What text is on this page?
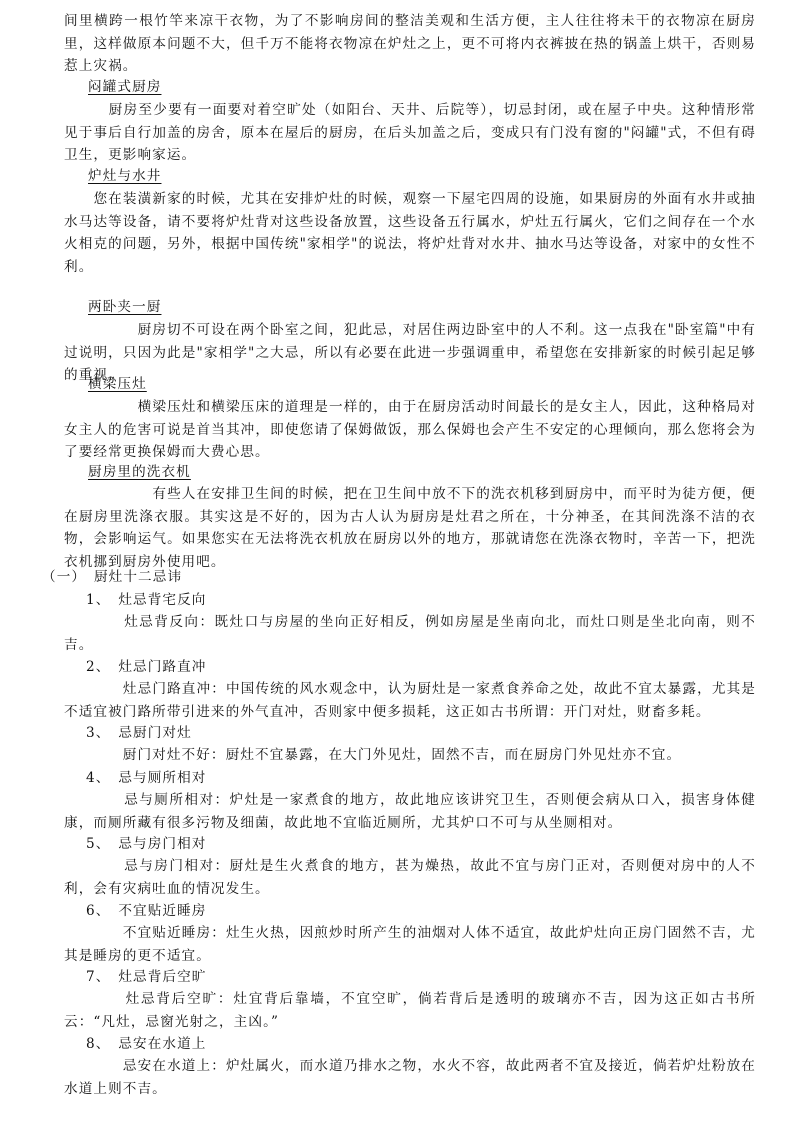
间里横跨一根竹竿来凉干衣物，为了不影响房间的整洁美观和生活方便，主人往往将未干的衣物凉在厨房里，这样做原本问题不大，但千万不能将衣物凉在炉灶之上，更不可将内衣裤披在热的锅盖上烘干，否则易惹上灾祸。

闷罐式厨房

　　　厨房至少要有一面要对着空旷处（如阳台、天井、后院等），切忌封闭，或在屋子中央。这种情形常见于事后自行加盖的房舍，原本在屋后的厨房，在后头加盖之后，变成只有门没有窗的"闷罐"式，不但有碍卫生，更影响家运。

炉灶与水井

　　您在装潢新家的时候，尤其在安排炉灶的时候，观察一下屋宅四周的设施，如果厨房的外面有水井或抽水马达等设备，请不要将炉灶背对这些设备放置，这些设备五行属水，炉灶五行属火，它们之间存在一个水火相克的问题，另外，根据中国传统"家相学"的说法，将炉灶背对水井、抽水马达等设备，对家中的女性不利。

两卧夹一厨

　　　　　厨房切不可设在两个卧室之间，犯此忌，对居住两边卧室中的人不利。这一点我在"卧室篇"中有过说明，只因为此是"家相学"之大忌，所以有必要在此进一步强调重申，希望您在安排新家的时候引起足够的重视。

横梁压灶

　　　　　横梁压灶和横梁压床的道理是一样的，由于在厨房活动时间最长的是女主人，因此，这种格局对女主人的危害可说是首当其冲，即使您请了保姆做饭，那么保姆也会产生不安定的心理倾向，那么您将会为了要经常更换保姆而大费心思。

厨房里的洗衣机

　　　　　　有些人在安排卫生间的时候，把在卫生间中放不下的洗衣机移到厨房中，而平时为徒方便，便在厨房里洗涤衣服。其实这是不好的，因为古人认为厨房是灶君之所在，十分神圣，在其间洗涤不洁的衣物，会影响运气。如果您实在无法将洗衣机放在厨房以外的地方，那就请您在洗涤衣物时，辛苦一下，把洗衣机挪到厨房外使用吧。

（一）　厨灶十二忌讳

1、　灶忌背宅反向

　　　　灶忌背反向：既灶口与房屋的坐向正好相反，例如房屋是坐南向北，而灶口则是坐北向南，则不吉。

2、　灶忌门路直冲

　　　　灶忌门路直冲：中国传统的风水观念中，认为厨灶是一家煮食养命之处，故此不宜太暴露，尤其是不适宜被门路所带引进来的外气直冲，否则家中便多损耗，这正如古书所谓：开门对灶，财畜多耗。

3、　忌厨门对灶

　　　　厨门对灶不好：厨灶不宜暴露，在大门外见灶，固然不吉，而在厨房门外见灶亦不宜。

4、　忌与厕所相对

　　　　忌与厕所相对：炉灶是一家煮食的地方，故此地应该讲究卫生，否则便会病从口入，损害身体健康，而厕所藏有很多污物及细菌，故此地不宜临近厕所，尤其炉口不可与从坐厕相对。

5、　忌与房门相对

　　　　忌与房门相对：厨灶是生火煮食的地方，甚为燥热，故此不宜与房门正对，否则便对房中的人不利，会有灾病吐血的情况发生。

6、　不宜贴近睡房

　　　　不宜贴近睡房：灶生火热，因煎炒时所产生的油烟对人体不适宜，故此炉灶向正房门固然不吉，尤其是睡房的更不适宜。

7、　灶忌背后空旷

　　　　灶忌背后空旷：灶宜背后靠墙，不宜空旷，倘若背后是透明的玻璃亦不吉，因为这正如古书所云：“凡灶，忌窗光射之，主凶。”

8、　忌安在水道上

　　　　忌安在水道上：炉灶属火，而水道乃排水之物，水火不容，故此两者不宜及接近，倘若炉灶粉放在水道上则不吉。
